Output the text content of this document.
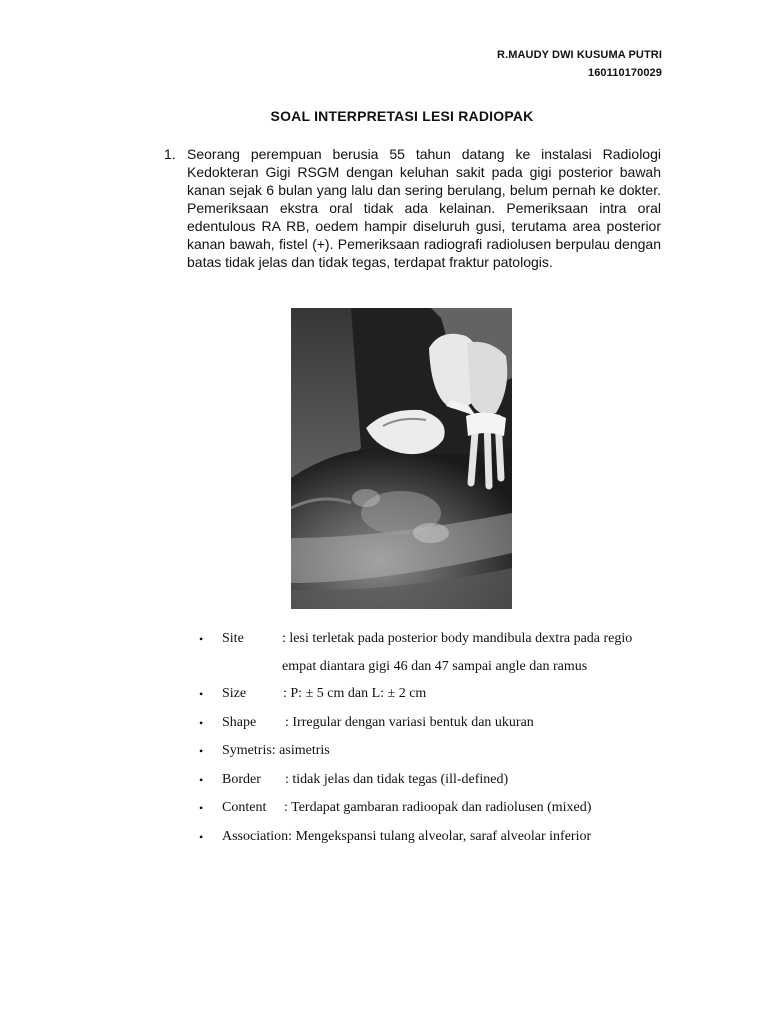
R.MAUDY DWI KUSUMA PUTRI
160110170029
SOAL INTERPRETASI LESI RADIOPAK
1. Seorang perempuan berusia 55 tahun datang ke instalasi Radiologi Kedokteran Gigi RSGM dengan keluhan sakit pada gigi posterior bawah kanan sejak 6 bulan yang lalu dan sering berulang, belum pernah ke dokter. Pemeriksaan ekstra oral tidak ada kelainan. Pemeriksaan intra oral edentulous RA RB, oedem hampir diseluruh gusi, terutama area posterior kanan bawah, fistel (+). Pemeriksaan radiografi radiolusen berpulau dengan batas tidak jelas dan tidak tegas, terdapat fraktur patologis.
• Site	: lesi terletak pada posterior body mandibula dextra pada regio
empat diantara gigi 46 dan 47 sampai angle dan ramus
• Size	: P: ± 5 cm dan L: ± 2 cm
• Shape : Irregular dengan variasi bentuk dan ukuran
• Symetris: asimetris
• Border : tidak jelas dan tidak tegas (ill-defined)
• Content : Terdapat gambaran radioopak dan radiolusen (mixed)
• Association: Mengekspansi tulang alveolar, saraf alveolar inferior
